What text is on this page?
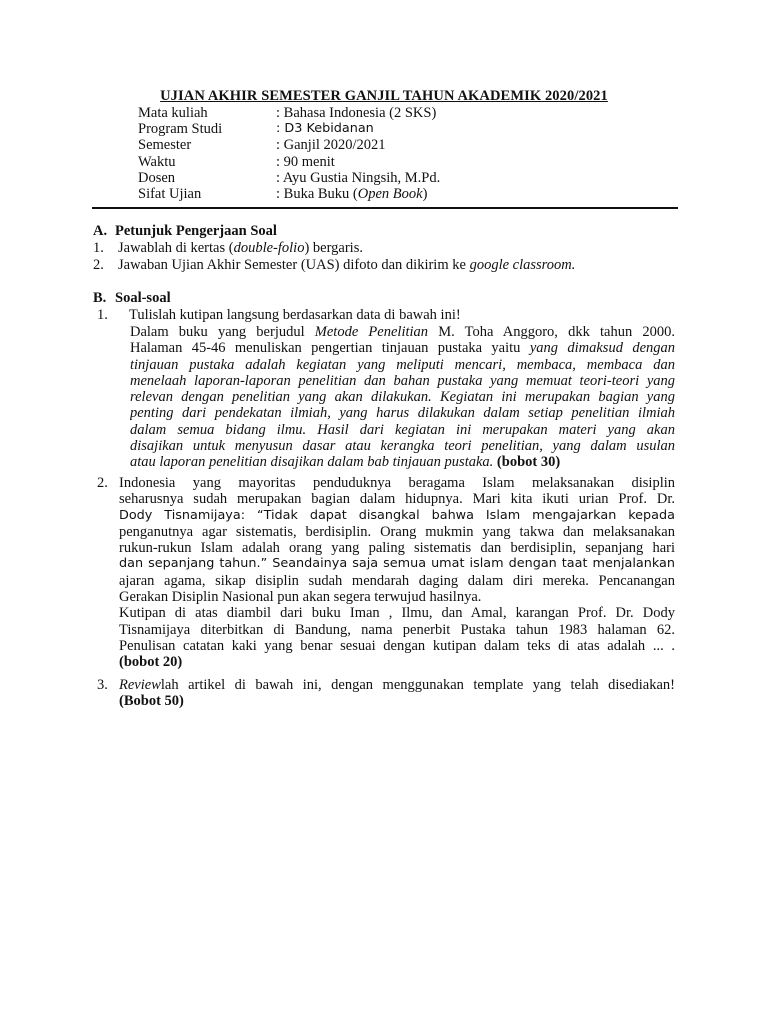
UJIAN AKHIR SEMESTER GANJIL TAHUN AKADEMIK 2020/2021
Mata kuliah	: Bahasa Indonesia (2 SKS)
Program Studi	: D3 Kebidanan
Semester	: Ganjil 2020/2021
Waktu	: 90 menit
Dosen	: Ayu Gustia Ningsih, M.Pd.
Sifat Ujian	: Buka Buku (Open Book)
A. Petunjuk Pengerjaan Soal
1. Jawablah di kertas (double-folio) bergaris.
2. Jawaban Ujian Akhir Semester (UAS) difoto dan dikirim ke google classroom.
B. Soal-soal
1. Tulislah kutipan langsung berdasarkan data di bawah ini!
Dalam buku yang berjudul Metode Penelitian M. Toha Anggoro, dkk tahun 2000.
Halaman 45-46 menuliskan pengertian tinjauan pustaka yaitu yang dimaksud dengan
tinjauan pustaka adalah kegiatan yang meliputi mencari, membaca, membaca dan
menelaah laporan-laporan penelitian dan bahan pustaka yang memuat teori-teori yang
relevan dengan penelitian yang akan dilakukan. Kegiatan ini merupakan bagian yang
penting dari pendekatan ilmiah, yang harus dilakukan dalam setiap penelitian ilmiah
dalam semua bidang ilmu. Hasil dari kegiatan ini merupakan materi yang akan
disajikan untuk menyusun dasar atau kerangka teori penelitian, yang dalam usulan
atau laporan penelitian disajikan dalam bab tinjauan pustaka. (bobot 30)
2. Indonesia yang mayoritas penduduknya beragama Islam melaksanakan disiplin
seharusnya sudah merupakan bagian dalam hidupnya. Mari kita ikuti urian Prof. Dr.
Dody Tisnamijaya: “Tidak dapat disangkal bahwa Islam mengajarkan kepada
penganutnya agar sistematis, berdisiplin. Orang mukmin yang takwa dan melaksanakan
rukun-rukun Islam adalah orang yang paling sistematis dan berdisiplin, sepanjang hari
dan sepanjang tahun.” Seandainya saja semua umat islam dengan taat menjalankan
ajaran agama, sikap disiplin sudah mendarah daging dalam diri mereka. Pencanangan
Gerakan Disiplin Nasional pun akan segera terwujud hasilnya.
Kutipan di atas diambil dari buku Iman , Ilmu, dan Amal, karangan Prof. Dr. Dody
Tisnamijaya diterbitkan di Bandung, nama penerbit Pustaka tahun 1983 halaman 62.
Penulisan catatan kaki yang benar sesuai dengan kutipan dalam teks di atas adalah ... .
(bobot 20)
3. Reviewlah artikel di bawah ini, dengan menggunakan template yang telah disediakan!
(Bobot 50)
